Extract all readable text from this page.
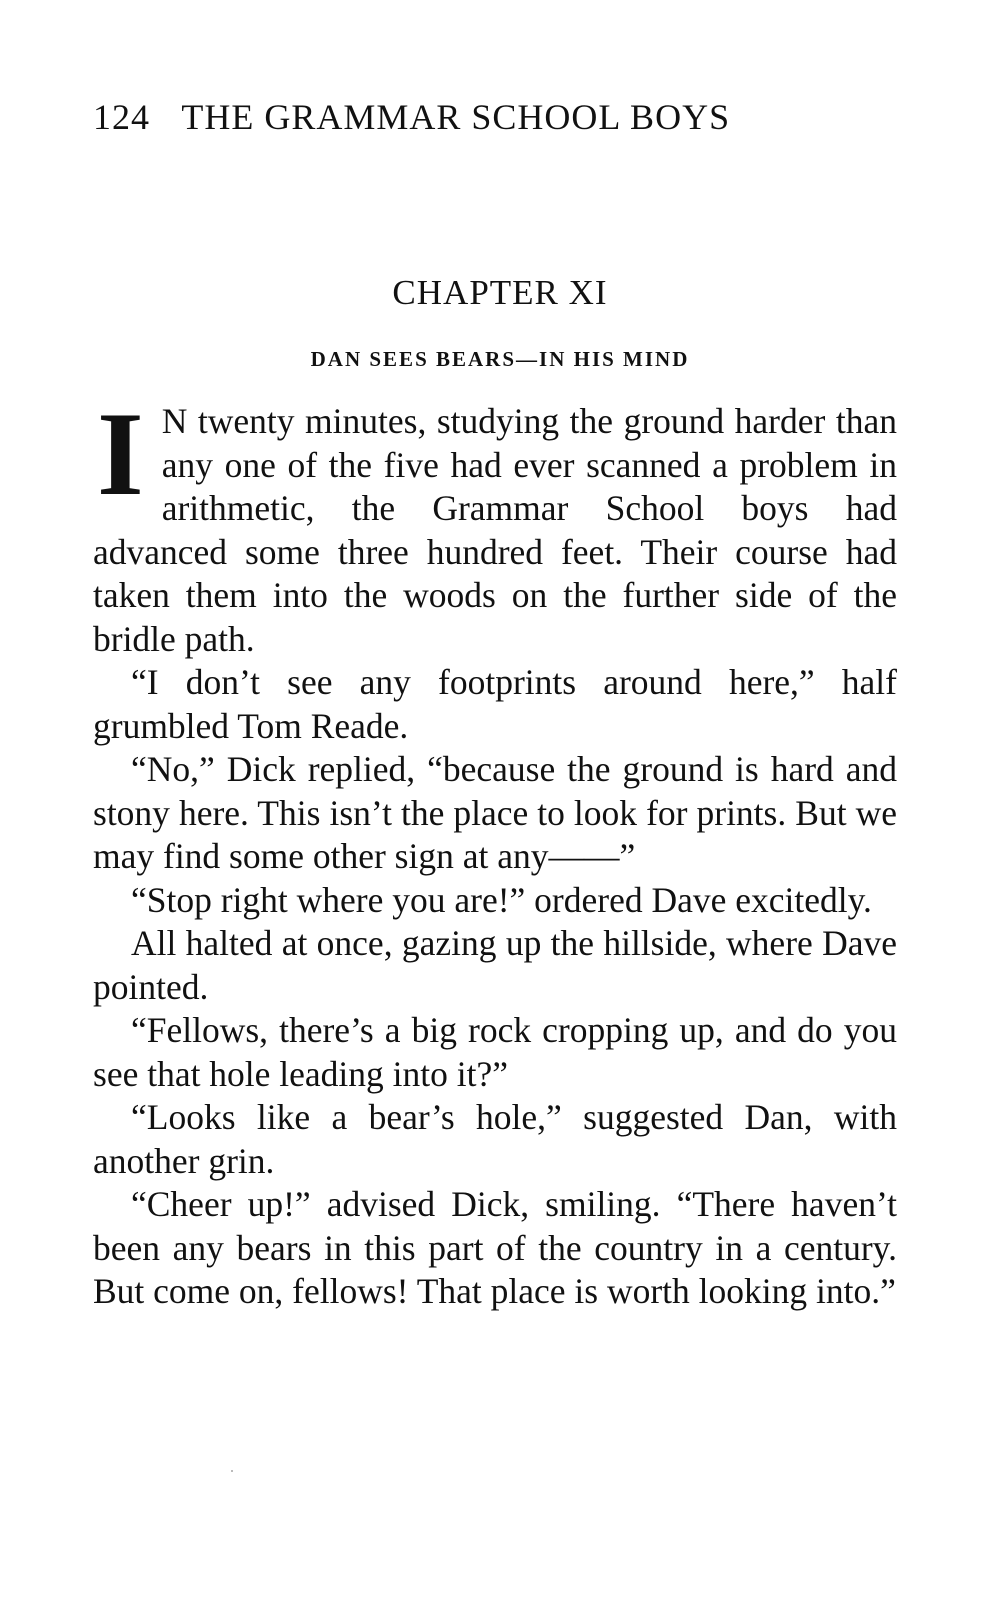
124 THE GRAMMAR SCHOOL BOYS
CHAPTER XI
DAN SEES BEARS—IN HIS MIND

I N twenty minutes, studying the ground harder than any one of the five had ever scanned a problem in arithmetic, the Grammar School boys had advanced some three hundred feet. Their course had taken them into the woods on the further side of the bridle path.

“I don’t see any footprints around here,” half grumbled Tom Reade.

“No,” Dick replied, “because the ground is hard and stony here. This isn’t the place to look for prints. But we may find some other sign at any——”

“Stop right where you are!” ordered Dave excitedly.

All halted at once, gazing up the hillside, where Dave pointed.

“Fellows, there’s a big rock cropping up, and do you see that hole leading into it?”

“Looks like a bear’s hole,” suggested Dan, with another grin.

“Cheer up!” advised Dick, smiling. “There haven’t been any bears in this part of the country in a century. But come on, fellows! That place is worth looking into.”
